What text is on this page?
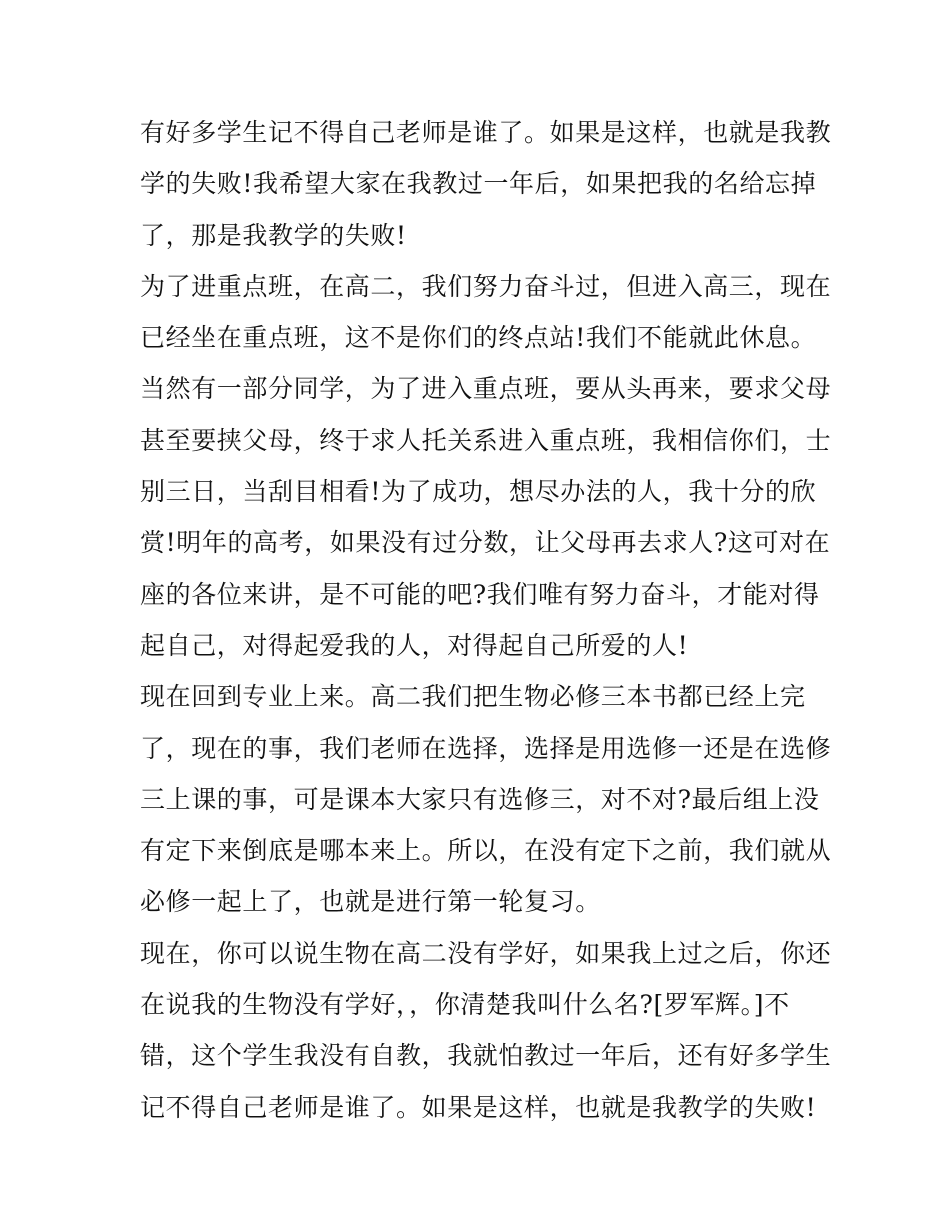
有好多学生记不得自己老师是谁了。如果是这样，也就是我教
学的失败!我希望大家在我教过一年后，如果把我的名给忘掉
了，那是我教学的失败!
为了进重点班，在高二，我们努力奋斗过，但进入高三，现在
已经坐在重点班，这不是你们的终点站!我们不能就此休息。
当然有一部分同学，为了进入重点班，要从头再来，要求父母
甚至要挟父母，终于求人托关系进入重点班，我相信你们，士
别三日，当刮目相看!为了成功，想尽办法的人，我十分的欣
赏!明年的高考，如果没有过分数，让父母再去求人?这可对在
座的各位来讲，是不可能的吧?我们唯有努力奋斗，才能对得
起自己，对得起爱我的人，对得起自己所爱的人!
现在回到专业上来。高二我们把生物必修三本书都已经上完
了，现在的事，我们老师在选择，选择是用选修一还是在选修
三上课的事，可是课本大家只有选修三，对不对?最后组上没
有定下来倒底是哪本来上。所以，在没有定下之前，我们就从
必修一起上了，也就是进行第一轮复习。
现在，你可以说生物在高二没有学好，如果我上过之后，你还
在说我的生物没有学好，，你清楚我叫什么名?[罗军辉。]不
错，这个学生我没有自教，我就怕教过一年后，还有好多学生
记不得自己老师是谁了。如果是这样，也就是我教学的失败!
